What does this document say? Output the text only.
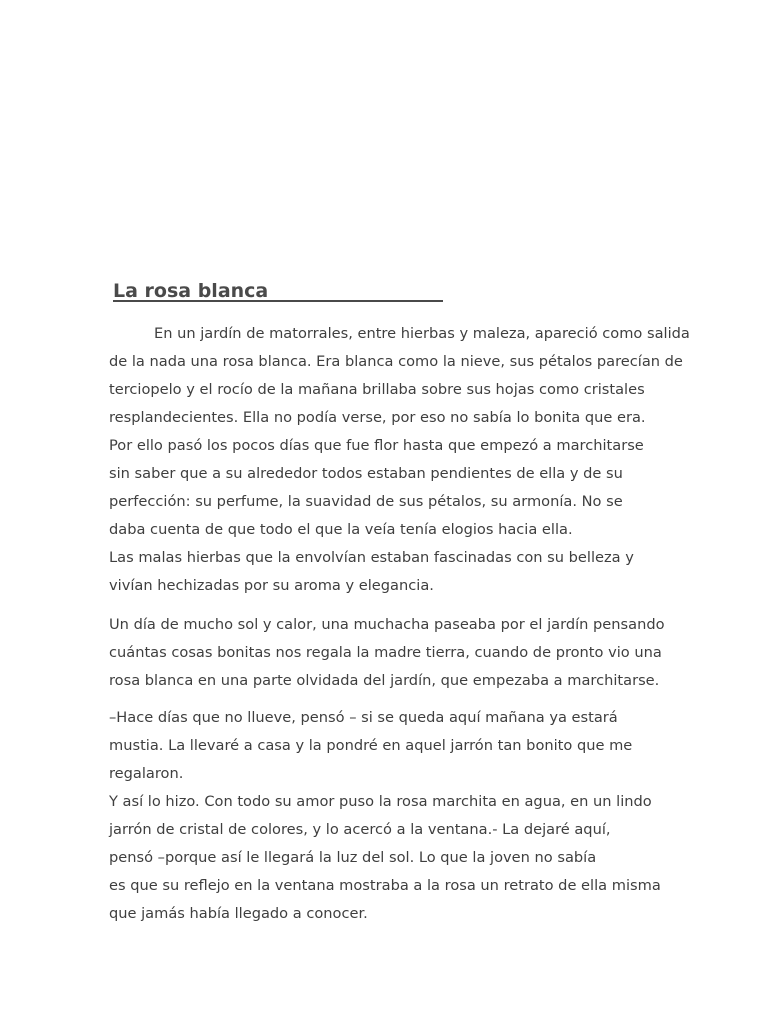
La rosa blanca
En un jardín de matorrales, entre hierbas y maleza, apareció como salida
de la nada una rosa blanca. Era blanca como la nieve, sus pétalos parecían de
terciopelo y el rocío de la mañana brillaba sobre sus hojas como cristales
resplandecientes. Ella no podía verse, por eso no sabía lo bonita que era.
Por ello pasó los pocos días que fue flor hasta que empezó a marchitarse
sin saber que a su alrededor todos estaban pendientes de ella y de su
perfección: su perfume, la suavidad de sus pétalos, su armonía. No se
daba cuenta de que todo el que la veía tenía elogios hacia ella.
Las malas hierbas que la envolvían estaban fascinadas con su belleza y
vivían hechizadas por su aroma y elegancia.
Un día de mucho sol y calor, una muchacha paseaba por el jardín pensando
cuántas cosas bonitas nos regala la madre tierra, cuando de pronto vio una
rosa blanca en una parte olvidada del jardín, que empezaba a marchitarse.
–Hace días que no llueve, pensó – si se queda aquí mañana ya estará
mustia. La llevaré a casa y la pondré en aquel jarrón tan bonito que me
regalaron.
Y así lo hizo. Con todo su amor puso la rosa marchita en agua, en un lindo
jarrón de cristal de colores, y lo acercó a la ventana.- La dejaré aquí,
pensó –porque así le llegará la luz del sol. Lo que la joven no sabía
es que su reflejo en la ventana mostraba a la rosa un retrato de ella misma
que jamás había llegado a conocer.
